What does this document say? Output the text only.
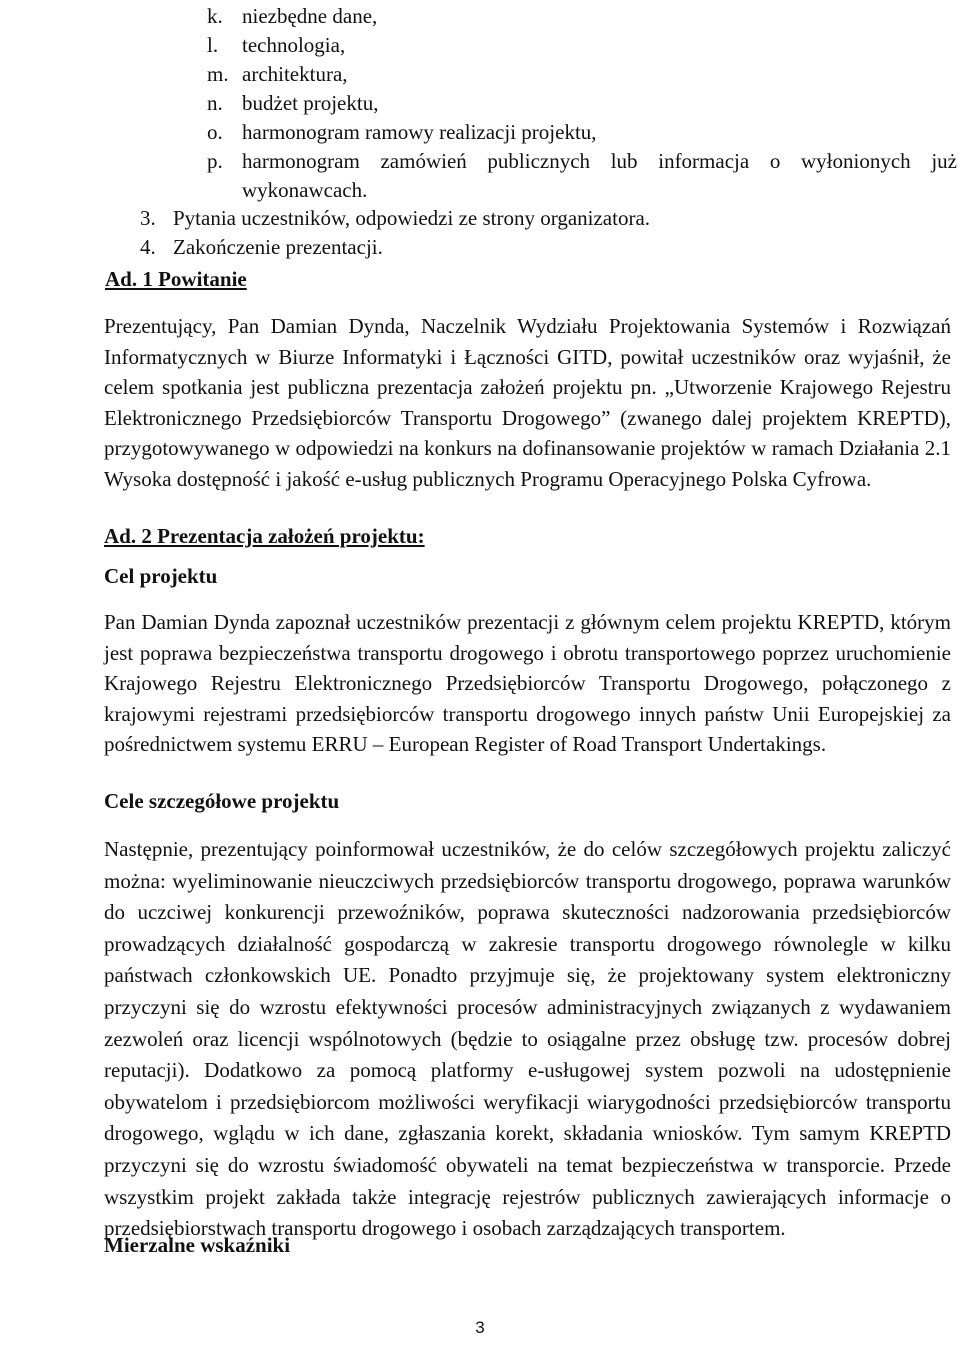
k. niezbędne dane,
l. technologia,
m. architektura,
n. budżet projektu,
o. harmonogram ramowy realizacji projektu,
p. harmonogram zamówień publicznych lub informacja o wyłonionych już wykonawcach.
3. Pytania uczestników, odpowiedzi ze strony organizatora.
4. Zakończenie prezentacji.
Ad. 1 Powitanie
Prezentujący, Pan Damian Dynda, Naczelnik Wydziału Projektowania Systemów i Rozwiązań Informatycznych w Biurze Informatyki i Łączności GITD, powitał uczestników oraz wyjaśnił, że celem spotkania jest publiczna prezentacja założeń projektu pn. „Utworzenie Krajowego Rejestru Elektronicznego Przedsiębiorców Transportu Drogowego” (zwanego dalej projektem KREPTD), przygotowywanego w odpowiedzi na konkurs na dofinansowanie projektów w ramach Działania 2.1 Wysoka dostępność i jakość e-usług publicznych Programu Operacyjnego Polska Cyfrowa.
Ad. 2 Prezentacja założeń projektu:
Cel projektu
Pan Damian Dynda zapoznał uczestników prezentacji z głównym celem projektu KREPTD, którym jest poprawa bezpieczeństwa transportu drogowego i obrotu transportowego poprzez uruchomienie Krajowego Rejestru Elektronicznego Przedsiębiorców Transportu Drogowego, połączonego z krajowymi rejestrami przedsiębiorców transportu drogowego innych państw Unii Europejskiej za pośrednictwem systemu ERRU – European Register of Road Transport Undertakings.
Cele szczegółowe projektu
Następnie, prezentujący poinformował uczestników, że do celów szczegółowych projektu zaliczyć można: wyeliminowanie nieuczciwych przedsiębiorców transportu drogowego, poprawa warunków do uczciwej konkurencji przewoźników, poprawa skuteczności nadzorowania przedsiębiorców prowadzących działalność gospodarczą w zakresie transportu drogowego równolegle w kilku państwach członkowskich UE. Ponadto przyjmuje się, że projektowany system elektroniczny przyczyni się do wzrostu efektywności procesów administracyjnych związanych z wydawaniem zezwoleń oraz licencji wspólnotowych (będzie to osiągalne przez obsługę tzw. procesów dobrej reputacji). Dodatkowo za pomocą platformy e-usługowej system pozwoli na udostępnienie obywatelom i przedsiębiorcom możliwości weryfikacji wiarygodności przedsiębiorców transportu drogowego, wglądu w ich dane, zgłaszania korekt, składania wniosków. Tym samym KREPTD przyczyni się do wzrostu świadomość obywateli na temat bezpieczeństwa w transporcie. Przede wszystkim projekt zakłada także integrację rejestrów publicznych zawierających informacje o przedsiębiorstwach transportu drogowego i osobach zarządzających transportem.
Mierzalne wskaźniki
3
